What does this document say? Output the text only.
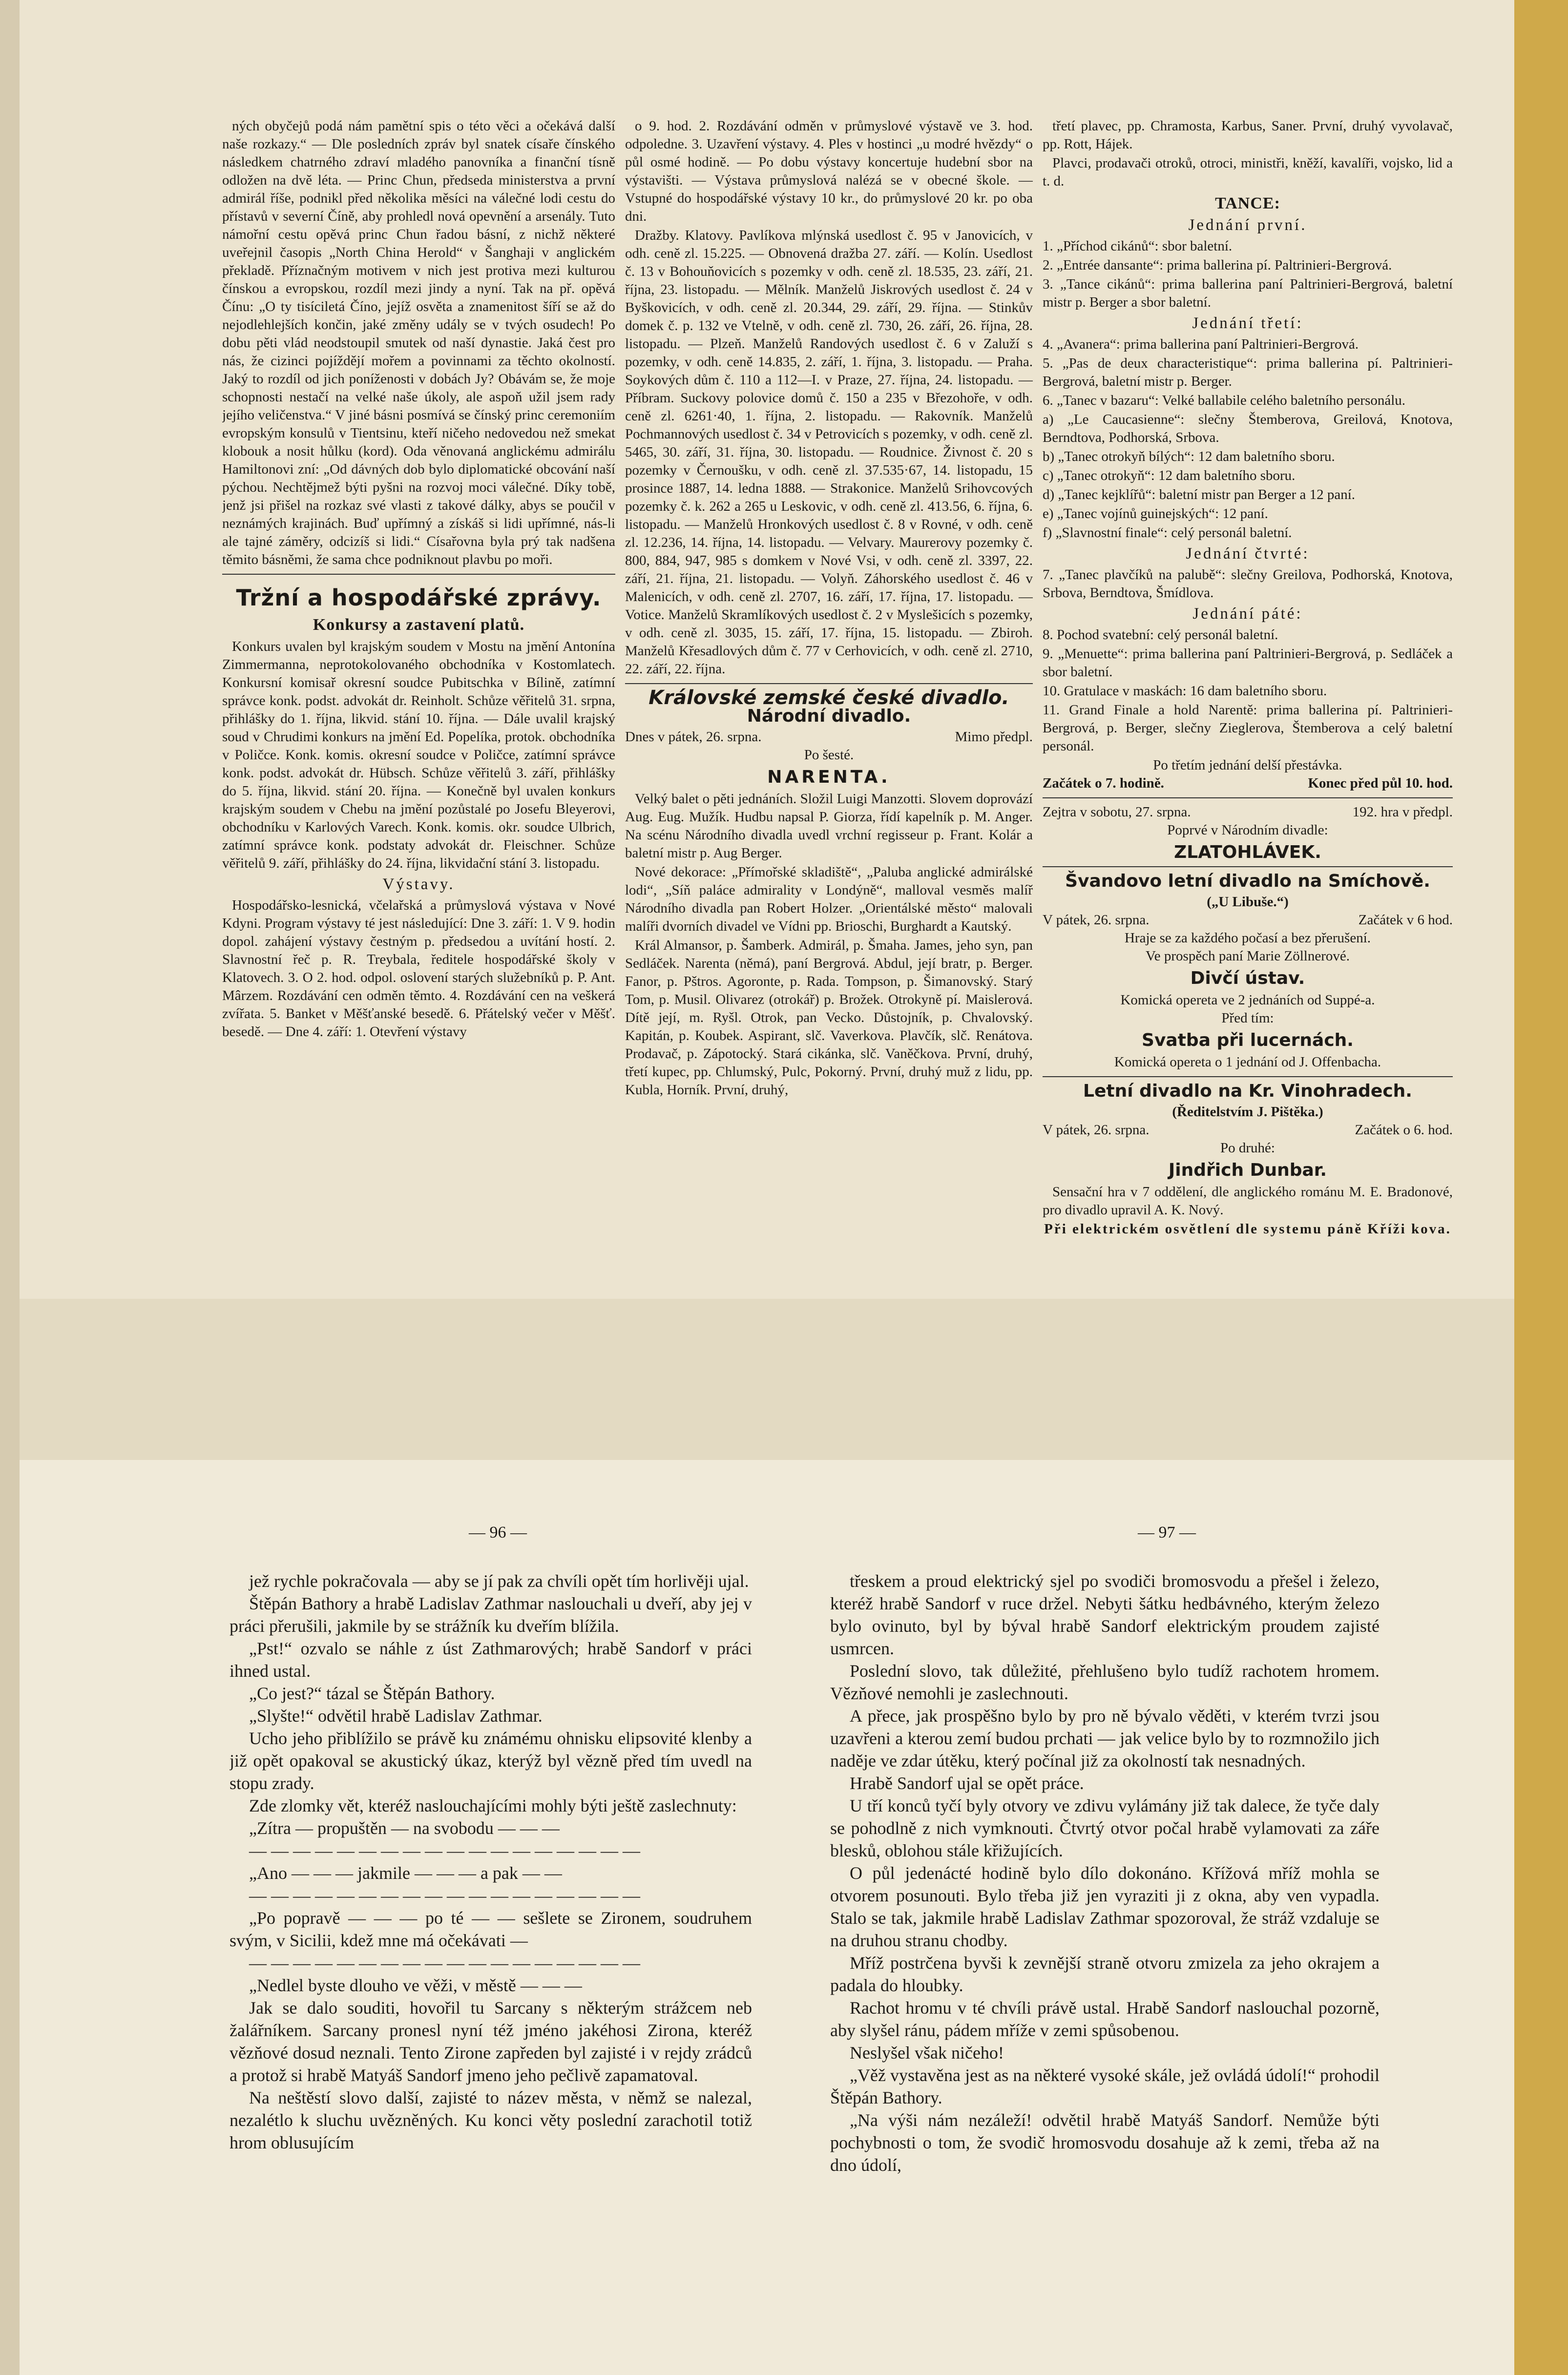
ných obyčejů podá nám pamětní spis o této věci a očekává další naše rozkazy.“ — Dle posledních zpráv byl snatek císaře čínského následkem chatrného zdraví mladého panovníka a finanční tísně odložen na dvě léta. — Princ Chun, předseda ministerstva a první admirál říše, podnikl před několika měsíci na válečné lodi cestu do přístavů v severní Číně, aby prohledl nová opevnění a arsenály. Tuto námořní cestu opěvá princ Chun řadou básní, z nichž některé uveřejnil časopis „North China Herold“ v Šanghaji v anglickém překladě. Příznačným motivem v nich jest protiva mezi kulturou čínskou a evropskou, rozdíl mezi jindy a nyní. Tak na př. opěvá Čínu: „O ty tisíciletá Číno, jejíž osvěta a znamenitost šíří se až do nejodlehlejších končin, jaké změny udály se v tvých osudech! Po dobu pěti vlád neodstoupil smutek od naší dynastie. Jaká čest pro nás, že cizinci pojíždějí mořem a povinnami za těchto okolností. Jaký to rozdíl od jich poníženosti v dobách Jy? Obávám se, že moje schopnosti nestačí na velké naše úkoly, ale aspoň užil jsem rady jejího veličenstva.“ V jiné básni posmívá se čínský princ ceremoniím evropským konsulů v Tientsinu, kteří ničeho nedovedou než smekat klobouk a nosit hůlku (kord). Oda věnovaná anglickému admirálu Hamiltonovi zní: „Od dávných dob bylo diplomatické obcování naší pýchou. Nechtějmež býti pyšni na rozvoj moci válečné. Díky tobě, jenž jsi přišel na rozkaz své vlasti z takové dálky, abys se poučil v neznámých krajinách. Buď upřímný a získáš si lidi upřímné, nás-li ale tajné záměry, odcizíš si lidi.“ Císařovna byla prý tak nadšena těmito básněmi, že sama chce podniknout plavbu po moři.

Tržní a hospodářské zprávy.
Konkursy a zastavení platů.

Konkurs uvalen byl krajským soudem v Mostu na jmění Antonína Zimmermanna, neprotokolovaného obchodníka v Kostomlatech. Konkursní komisař okresní soudce Pubitschka v Bílině, zatímní správce konk. podst. advokát dr. Reinholt. Schůze věřitelů 31. srpna, přihlášky do 1. října, likvid. stání 10. října. — Dále uvalil krajský soud v Chrudimi konkurs na jmění Ed. Popelíka, protok. obchodníka v Poličce. Konk. komis. okresní soudce v Poličce, zatímní správce konk. podst. advokát dr. Hübsch. Schůze věřitelů 3. září, přihlášky do 5. října, likvid. stání 20. října. — Konečně byl uvalen konkurs krajským soudem v Chebu na jmění pozůstalé po Josefu Bleyerovi, obchodníku v Karlových Varech. Konk. komis. okr. soudce Ulbrich, zatímní správce konk. podstaty advokát dr. Fleischner. Schůze věřitelů 9. září, přihlášky do 24. října, likvidační stání 3. listopadu.

Výstavy.

Hospodářsko-lesnická, včelařská a průmyslová výstava v Nové Kdyni. Program výstavy té jest následující: Dne 3. září: 1. V 9. hodin dopol. zahájení výstavy čestným p. předsedou a uvítání hostí. 2. Slavnostní řeč p. R. Treybala, ředitele hospodářské školy v Klatovech. 3. O 2. hod. odpol. oslovení starých služebníků p. P. Ant. Mârzem. Rozdávání cen odměn těmto. 4. Rozdávání cen na veškerá zvířata. 5. Banket v Měšťanské besedě. 6. Přátelský večer v Měšť. besedě. — Dne 4. září: 1. Otevření výstavy

o 9. hod. 2. Rozdávání odměn v průmyslové výstavě ve 3. hod. odpoledne. 3. Uzavření výstavy. 4. Ples v hostinci „u modré hvězdy“ o půl osmé hodině. — Po dobu výstavy koncertuje hudební sbor na výstavišti. — Výstava průmyslová nalézá se v obecné škole. — Vstupné do hospodářské výstavy 10 kr., do průmyslové 20 kr. po oba dni.

Dražby. Klatovy. Pavlíkova mlýnská usedlost č. 95 v Janovicích, v odh. ceně zl. 15.225. — Obnovená dražba 27. září. — Kolín. Usedlost č. 13 v Bohouňovicích s pozemky v odh. ceně zl. 18.535, 23. září, 21. října, 23. listopadu. — Mělník. Manželů Jiskrových usedlost č. 24 v Byškovicích, v odh. ceně zl. 20.344, 29. září, 29. října. — Stinkův domek č. p. 132 ve Vtelně, v odh. ceně zl. 730, 26. září, 26. října, 28. listopadu. — Plzeň. Manželů Randových usedlost č. 6 v Zaluží s pozemky, v odh. ceně 14.835, 2. září, 1. října, 3. listopadu. — Praha. Soykových dům č. 110 a 112—I. v Praze, 27. října, 24. listopadu. — Příbram. Suckovy polovice domů č. 150 a 235 v Březohoře, v odh. ceně zl. 6261·40, 1. října, 2. listopadu. — Rakovník. Manželů Pochmannových usedlost č. 34 v Petrovicích s pozemky, v odh. ceně zl. 5465, 30. září, 31. října, 30. listopadu. — Roudnice. Živnost č. 20 s pozemky v Černoušku, v odh. ceně zl. 37.535·67, 14. listopadu, 15 prosince 1887, 14. ledna 1888. — Strakonice. Manželů Srihovcových pozemky č. k. 262 a 265 u Leskovic, v odh. ceně zl. 413.56, 6. října, 6. listopadu. — Manželů Hronkových usedlost č. 8 v Rovné, v odh. ceně zl. 12.236, 14. října, 14. listopadu. — Velvary. Maurerovy pozemky č. 800, 884, 947, 985 s domkem v Nové Vsi, v odh. ceně zl. 3397, 22. září, 21. října, 21. listopadu. — Volyň. Záhorského usedlost č. 46 v Malenicích, v odh. ceně zl. 2707, 16. září, 17. října, 17. listopadu. — Votice. Manželů Skramlíkových usedlost č. 2 v Myslešicích s pozemky, v odh. ceně zl. 3035, 15. září, 17. října, 15. listopadu. — Zbiroh. Manželů Křesadlových dům č. 77 v Cerhovicích, v odh. ceně zl. 2710, 22. září, 22. října.

Královské zemské české divadlo.
Národní divadlo.
Dnes v pátek, 26. srpna.	Mimo předpl.
Po šesté.
NARENTA.

Velký balet o pěti jednáních. Složil Luigi Manzotti. Slovem doprovází Aug. Eug. Mužík. Hudbu napsal P. Giorza, řídí kapelník p. M. Anger. Na scénu Národního divadla uvedl vrchní regisseur p. Frant. Kolár a baletní mistr p. Aug Berger.

Nové dekorace: „Přímořské skladiště“, „Paluba anglické admirálské lodi“, „Síň paláce admirality v Londýně“, malloval vesměs malíř Národního divadla pan Robert Holzer. „Orientálské město“ malovali malíři dvorních divadel ve Vídni pp. Brioschi, Burghardt a Kautský.

Král Almansor, p. Šamberk. Admirál, p. Šmaha. James, jeho syn, pan Sedláček. Narenta (němá), paní Bergrová. Abdul, její bratr, p. Berger. Fanor, p. Pštros. Agoronte, p. Rada. Tompson, p. Šimanovský. Starý Tom, p. Musil. Olivarez (otrokář) p. Brožek. Otrokyně pí. Maislerová. Dítě její, m. Ryšl. Otrok, pan Vecko. Důstojník, p. Chvalovský. Kapitán, p. Koubek. Aspirant, slč. Vaverkova. Plavčík, slč. Renátova. Prodavač, p. Zápotocký. Stará cikánka, slč. Vaněčkova. První, druhý, třetí kupec, pp. Chlumský, Pulc, Pokorný. První, druhý muž z lidu, pp. Kubla, Horník. První, druhý,

třetí plavec, pp. Chramosta, Karbus, Saner. První, druhý vyvolavač, pp. Rott, Hájek.

Plavci, prodavači otroků, otroci, ministři, kněží, kavalíři, vojsko, lid a t. d.

TANCE:
Jednání první.
1. „Příchod cikánů“: sbor baletní.
2. „Entrée dansante“: prima ballerina pí. Paltrinieri-Bergrová.
3. „Tance cikánů“: prima ballerina paní Paltrinieri-Bergrová, baletní mistr p. Berger a sbor baletní.
Jednání třetí:
4. „Avanera“: prima ballerina paní Paltrinieri-Bergrová.
5. „Pas de deux characteristique“: prima ballerina pí. Paltrinieri-Bergrová, baletní mistr p. Berger.
6. „Tanec v bazaru“: Velké ballabile celého baletního personálu.
a) „Le Caucasienne“: slečny Štemberova, Greilová, Knotova, Berndtova, Podhorská, Srbova.
b) „Tanec otrokyň bílých“: 12 dam baletního sboru.
c) „Tanec otrokyň“: 12 dam baletního sboru.
d) „Tanec kejklířů“: baletní mistr pan Berger a 12 paní.
e) „Tanec vojínů guinejských“: 12 paní.
f) „Slavnostní finale“: celý personál baletní.
Jednání čtvrté:
7. „Tanec plavčíků na palubě“: slečny Greilova, Podhorská, Knotova, Srbova, Berndtova, Šmídlova.
Jednání páté:
8. Pochod svatební: celý personál baletní.
9. „Menuette“: prima ballerina paní Paltrinieri-Bergrová, p. Sedláček a sbor baletní.
10. Gratulace v maskách: 16 dam baletního sboru.
11. Grand Finale a hold Narentě: prima ballerina pí. Paltrinieri-Bergrová, p. Berger, slečny Zieglerova, Štemberova a celý baletní personál.
Po třetím jednání delší přestávka.
Začátek o 7. hodině.	Konec před půl 10. hod.
Zejtra v sobotu, 27. srpna.	192. hra v předpl.
Poprvé v Národním divadle:
ZLATOHLÁVEK.
Švandovo letní divadlo na Smíchově.
(„U Libuše.“)
V pátek, 26. srpna.	Začátek v 6 hod.
Hraje se za každého počasí a bez přerušení.
Ve prospěch paní Marie Zöllnerové.
Divčí ústav.
Komická opereta ve 2 jednáních od Suppé-a.
Před tím:
Svatba při lucernách.
Komická opereta o 1 jednání od J. Offenbacha.
Letní divadlo na Kr. Vinohradech.
(Ředitelstvím J. Pištěka.)
V pátek, 26. srpna.	Začátek o 6. hod.
Po druhé:
Jindřich Dunbar.

Sensační hra v 7 oddělení, dle anglického románu M. E. Bradonové, pro divadlo upravil A. K. Nový.

Při elektrickém osvětlení dle systemu páně Kříži kova.
— 96 —	— 97 —

jež rychle pokračovala — aby se jí pak za chvíli opět tím horlivěji ujal.

Štěpán Bathory a hrabě Ladislav Zathmar naslouchali u dveří, aby jej v práci přerušili, jakmile by se strážník ku dveřím blížila.

„Pst!“ ozvalo se náhle z úst Zathmarových; hrabě Sandorf v práci ihned ustal.

„Co jest?“ tázal se Štěpán Bathory.

„Slyšte!“ odvětil hrabě Ladislav Zathmar.

Ucho jeho přiblížilo se právě ku známému ohnisku elipsovité klenby a již opět opakoval se akustický úkaz, kterýž byl vězně před tím uvedl na stopu zrady.

Zde zlomky vět, kteréž naslouchajícími mohly býti ještě zaslechnuty:

„Zítra — propuštěn — na svobodu — — —

— — — — — — — — — — — — — — — — — —

„Ano — — — jakmile — — — a pak — —

— — — — — — — — — — — — — — — — — —

„Po popravě — — — po té — — sešlete se Zironem, soudruhem svým, v Sicilii, kdež mne má očekávati —

— — — — — — — — — — — — — — — — — —

„Nedlel byste dlouho ve věži, v městě — — —

Jak se dalo souditi, hovořil tu Sarcany s některým strážcem neb žalářníkem. Sarcany pronesl nyní též jméno jakéhosi Zirona, kteréž vězňové dosud neznali. Tento Zirone zapředen byl zajisté i v rejdy zrádců a protož si hrabě Matyáš Sandorf jmeno jeho pečlivě zapamatoval.

Na neštěstí slovo další, zajisté to název města, v němž se nalezal, nezalétlo k sluchu uvězněných. Ku konci věty poslední zarachotil totiž hrom oblusujícím

třeskem a proud elektrický sjel po svodiči bromosvodu a přešel i železo, kteréž hrabě Sandorf v ruce držel. Nebyti šátku hedbávného, kterým železo bylo ovinuto, byl by býval hrabě Sandorf elektrickým proudem zajisté usmrcen.

Poslední slovo, tak důležité, přehlušeno bylo tudíž rachotem hromem. Vězňové nemohli je zaslechnouti.

A přece, jak prospěšno bylo by pro ně bývalo věděti, v kterém tvrzi jsou uzavřeni a kterou zemí budou prchati — jak velice bylo by to rozmnožilo jich naděje ve zdar útěku, který počínal již za okolností tak nesnadných.

Hrabě Sandorf ujal se opět práce.

U tří konců tyčí byly otvory ve zdivu vylámány již tak dalece, že tyče daly se pohodlně z nich vymknouti. Čtvrtý otvor počal hrabě vylamovati za záře blesků, oblohou stále křižujících.

O půl jedenácté hodině bylo dílo dokonáno. Křížová mříž mohla se otvorem posunouti. Bylo třeba již jen vyraziti ji z okna, aby ven vypadla. Stalo se tak, jakmile hrabě Ladislav Zathmar spozoroval, že stráž vzdaluje se na druhou stranu chodby.

Mříž postrčena byvši k zevnější straně otvoru zmizela za jeho okrajem a padala do hloubky.

Rachot hromu v té chvíli právě ustal. Hrabě Sandorf naslouchal pozorně, aby slyšel ránu, pádem mříže v zemi spůsobenou.

Neslyšel však ničeho!

„Věž vystavěna jest as na některé vysoké skále, jež ovládá údolí!“ prohodil Štěpán Bathory.

„Na výši nám nezáleží! odvětil hrabě Matyáš Sandorf. Nemůže býti pochybnosti o tom, že svodič hromosvodu dosahuje až k zemi, třeba až na dno údolí,
